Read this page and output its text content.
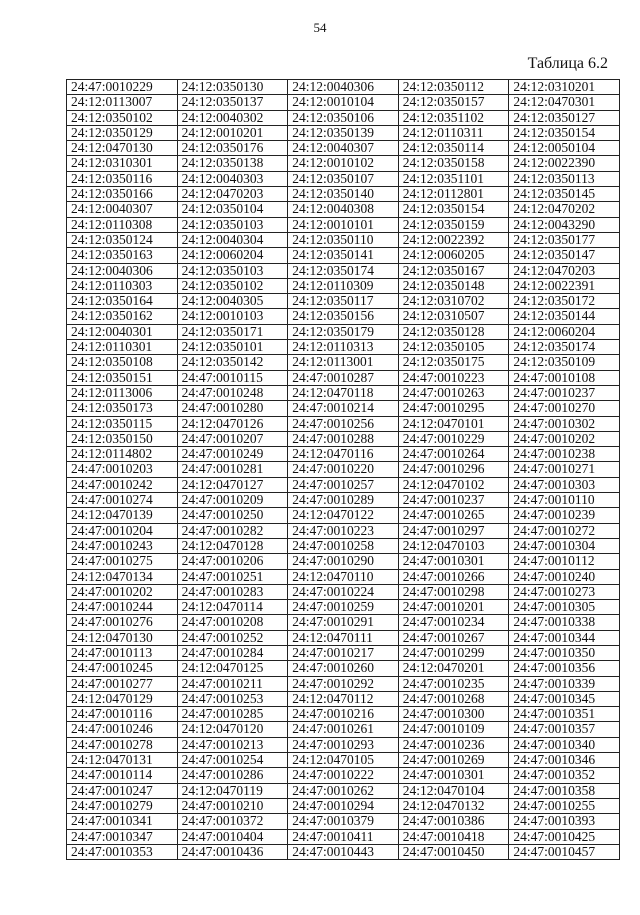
54
Таблица 6.2
24:47:0010229	24:12:0350130	24:12:0040306	24:12:0350112	24:12:0310201
24:12:0113007	24:12:0350137	24:12:0010104	24:12:0350157	24:12:0470301
24:12:0350102	24:12:0040302	24:12:0350106	24:12:0351102	24:12:0350127
24:12:0350129	24:12:0010201	24:12:0350139	24:12:0110311	24:12:0350154
24:12:0470130	24:12:0350176	24:12:0040307	24:12:0350114	24:12:0050104
24:12:0310301	24:12:0350138	24:12:0010102	24:12:0350158	24:12:0022390
24:12:0350116	24:12:0040303	24:12:0350107	24:12:0351101	24:12:0350113
24:12:0350166	24:12:0470203	24:12:0350140	24:12:0112801	24:12:0350145
24:12:0040307	24:12:0350104	24:12:0040308	24:12:0350154	24:12:0470202
24:12:0110308	24:12:0350103	24:12:0010101	24:12:0350159	24:12:0043290
24:12:0350124	24:12:0040304	24:12:0350110	24:12:0022392	24:12:0350177
24:12:0350163	24:12:0060204	24:12:0350141	24:12:0060205	24:12:0350147
24:12:0040306	24:12:0350103	24:12:0350174	24:12:0350167	24:12:0470203
24:12:0110303	24:12:0350102	24:12:0110309	24:12:0350148	24:12:0022391
24:12:0350164	24:12:0040305	24:12:0350117	24:12:0310702	24:12:0350172
24:12:0350162	24:12:0010103	24:12:0350156	24:12:0310507	24:12:0350144
24:12:0040301	24:12:0350171	24:12:0350179	24:12:0350128	24:12:0060204
24:12:0110301	24:12:0350101	24:12:0110313	24:12:0350105	24:12:0350174
24:12:0350108	24:12:0350142	24:12:0113001	24:12:0350175	24:12:0350109
24:12:0350151	24:47:0010115	24:47:0010287	24:47:0010223	24:47:0010108
24:12:0113006	24:47:0010248	24:12:0470118	24:47:0010263	24:47:0010237
24:12:0350173	24:47:0010280	24:47:0010214	24:47:0010295	24:47:0010270
24:12:0350115	24:12:0470126	24:47:0010256	24:12:0470101	24:47:0010302
24:12:0350150	24:47:0010207	24:47:0010288	24:47:0010229	24:47:0010202
24:12:0114802	24:47:0010249	24:12:0470116	24:47:0010264	24:47:0010238
24:47:0010203	24:47:0010281	24:47:0010220	24:47:0010296	24:47:0010271
24:47:0010242	24:12:0470127	24:47:0010257	24:12:0470102	24:47:0010303
24:47:0010274	24:47:0010209	24:47:0010289	24:47:0010237	24:47:0010110
24:12:0470139	24:47:0010250	24:12:0470122	24:47:0010265	24:47:0010239
24:47:0010204	24:47:0010282	24:47:0010223	24:47:0010297	24:47:0010272
24:47:0010243	24:12:0470128	24:47:0010258	24:12:0470103	24:47:0010304
24:47:0010275	24:47:0010206	24:47:0010290	24:47:0010301	24:47:0010112
24:12:0470134	24:47:0010251	24:12:0470110	24:47:0010266	24:47:0010240
24:47:0010202	24:47:0010283	24:47:0010224	24:47:0010298	24:47:0010273
24:47:0010244	24:12:0470114	24:47:0010259	24:47:0010201	24:47:0010305
24:47:0010276	24:47:0010208	24:47:0010291	24:47:0010234	24:47:0010338
24:12:0470130	24:47:0010252	24:12:0470111	24:47:0010267	24:47:0010344
24:47:0010113	24:47:0010284	24:47:0010217	24:47:0010299	24:47:0010350
24:47:0010245	24:12:0470125	24:47:0010260	24:12:0470201	24:47:0010356
24:47:0010277	24:47:0010211	24:47:0010292	24:47:0010235	24:47:0010339
24:12:0470129	24:47:0010253	24:12:0470112	24:47:0010268	24:47:0010345
24:47:0010116	24:47:0010285	24:47:0010216	24:47:0010300	24:47:0010351
24:47:0010246	24:12:0470120	24:47:0010261	24:47:0010109	24:47:0010357
24:47:0010278	24:47:0010213	24:47:0010293	24:47:0010236	24:47:0010340
24:12:0470131	24:47:0010254	24:12:0470105	24:47:0010269	24:47:0010346
24:47:0010114	24:47:0010286	24:47:0010222	24:47:0010301	24:47:0010352
24:47:0010247	24:12:0470119	24:47:0010262	24:12:0470104	24:47:0010358
24:47:0010279	24:47:0010210	24:47:0010294	24:12:0470132	24:47:0010255
24:47:0010341	24:47:0010372	24:47:0010379	24:47:0010386	24:47:0010393
24:47:0010347	24:47:0010404	24:47:0010411	24:47:0010418	24:47:0010425
24:47:0010353	24:47:0010436	24:47:0010443	24:47:0010450	24:47:0010457
